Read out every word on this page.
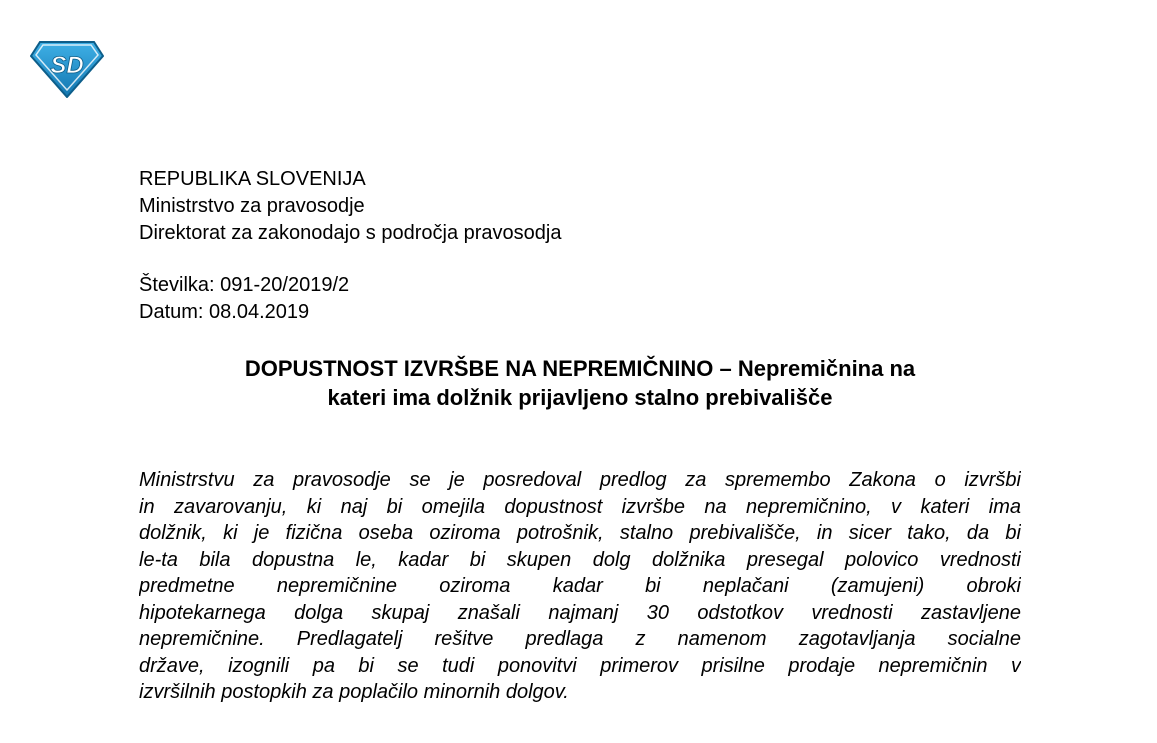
SD
REPUBLIKA SLOVENIJA
Ministrstvo za pravosodje
Direktorat za zakonodajo s področja pravosodja
Številka: 091-20/2019/2
Datum: 08.04.2019
DOPUSTNOST IZVRŠBE NA NEPREMIČNINO – Nepremičnina na
kateri ima dolžnik prijavljeno stalno prebivališče
Ministrstvu za pravosodje se je posredoval predlog za spremembo Zakona o izvršbi
in zavarovanju, ki naj bi omejila dopustnost izvršbe na nepremičnino, v kateri ima
dolžnik, ki je fizična oseba oziroma potrošnik, stalno prebivališče, in sicer tako, da bi
le-ta bila dopustna le, kadar bi skupen dolg dolžnika presegal polovico vrednosti
predmetne nepremičnine oziroma kadar bi neplačani (zamujeni) obroki
hipotekarnega dolga skupaj znašali najmanj 30 odstotkov vrednosti zastavljene
nepremičnine. Predlagatelj rešitve predlaga z namenom zagotavljanja socialne
države, izognili pa bi se tudi ponovitvi primerov prisilne prodaje nepremičnin v
izvršilnih postopkih za poplačilo minornih dolgov.
